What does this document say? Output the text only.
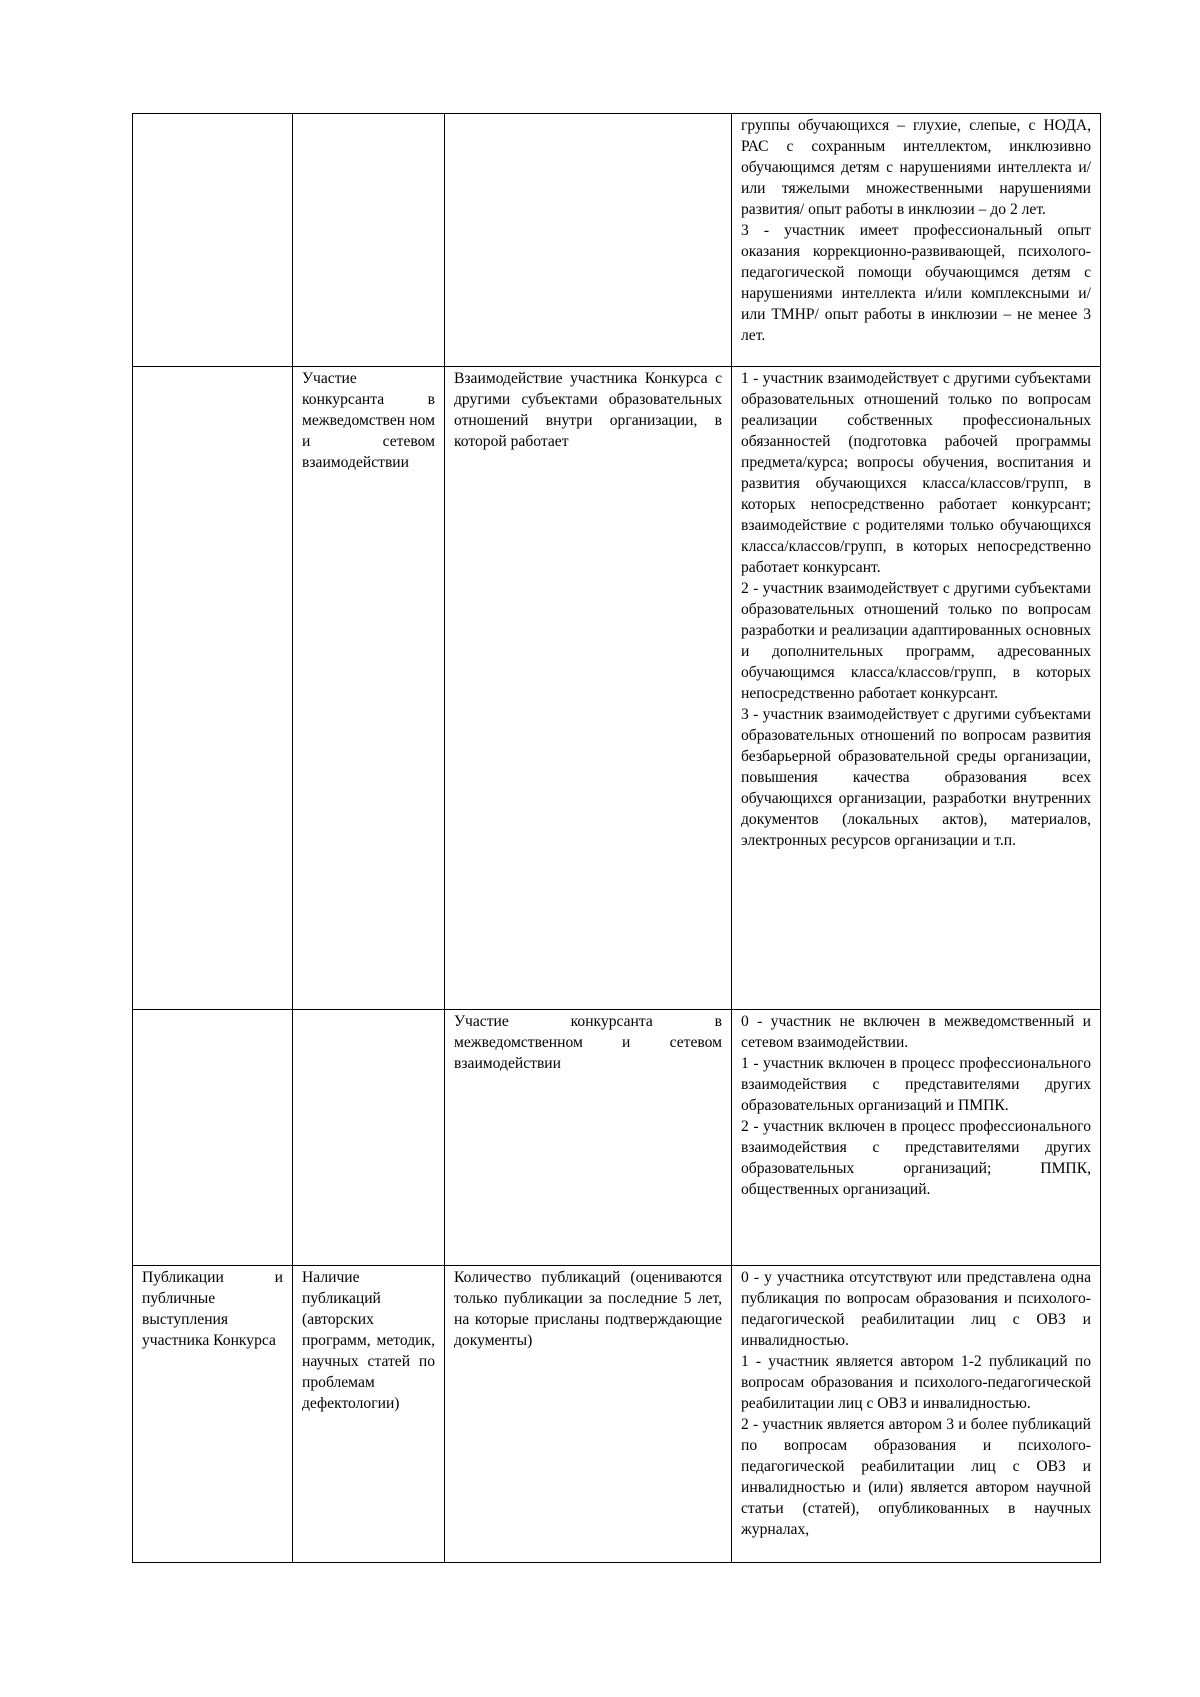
			группы обучающихся – глухие, слепые, с НОДА, РАС с сохранным интеллектом, инклюзивно обучающимся детям с нарушениями интеллекта и/или тяжелыми множественными нарушениями развития/ опыт работы в инклюзии – до 2 лет.
3 - участник имеет профессиональный опыт оказания коррекционно-развивающей, психолого-педагогической помощи обучающимся детям с нарушениями интеллекта и/или комплексными и/или ТМНР/ опыт работы в инклюзии – не менее 3 лет.

	Участие конкурсанта в межведомствен ном и сетевом взаимодействии	Взаимодействие участника Конкурса с другими субъектами образовательных отношений внутри организации, в которой работает	1 - участник взаимодействует с другими субъектами образовательных отношений только по вопросам реализации собственных профессиональных обязанностей (подготовка рабочей программы предмета/курса; вопросы обучения, воспитания и развития обучающихся класса/классов/групп, в которых непосредственно работает конкурсант; взаимодействие с родителями только обучающихся класса/классов/групп, в которых непосредственно работает конкурсант.
2 - участник взаимодействует с другими субъектами образовательных отношений только по вопросам разработки и реализации адаптированных основных и дополнительных программ, адресованных обучающимся класса/классов/групп, в которых непосредственно работает конкурсант.
3 - участник взаимодействует с другими субъектами образовательных отношений по вопросам развития безбарьерной образовательной среды организации, повышения качества образования всех обучающихся организации, разработки внутренних документов (локальных актов), материалов, электронных ресурсов организации и т.п.

		Участие конкурсанта в межведомственном и сетевом взаимодействии	0 - участник не включен в межведомственный и сетевом взаимодействии.
1 - участник включен в процесс профессионального взаимодействия с представителями других образовательных организаций и ПМПК.
2 - участник включен в процесс профессионального взаимодействия с представителями других образовательных организаций; ПМПК, общественных организаций.

Публикации и публичные выступления участника Конкурса	Наличие публикаций (авторских программ, методик, научных статей по проблемам дефектологии)	Количество публикаций (оцениваются только публикации за последние 5 лет, на которые присланы подтверждающие документы)	0 - у участника отсутствуют или представлена одна публикация по вопросам образования и психолого-педагогической реабилитации лиц с ОВЗ и инвалидностью.
1 - участник является автором 1-2 публикаций по вопросам образования и психолого-педагогической реабилитации лиц с ОВЗ и инвалидностью.
2 - участник является автором 3 и более публикаций по вопросам образования и психолого-педагогической реабилитации лиц с ОВЗ и инвалидностью и (или) является автором научной статьи (статей), опубликованных в научных журналах,
